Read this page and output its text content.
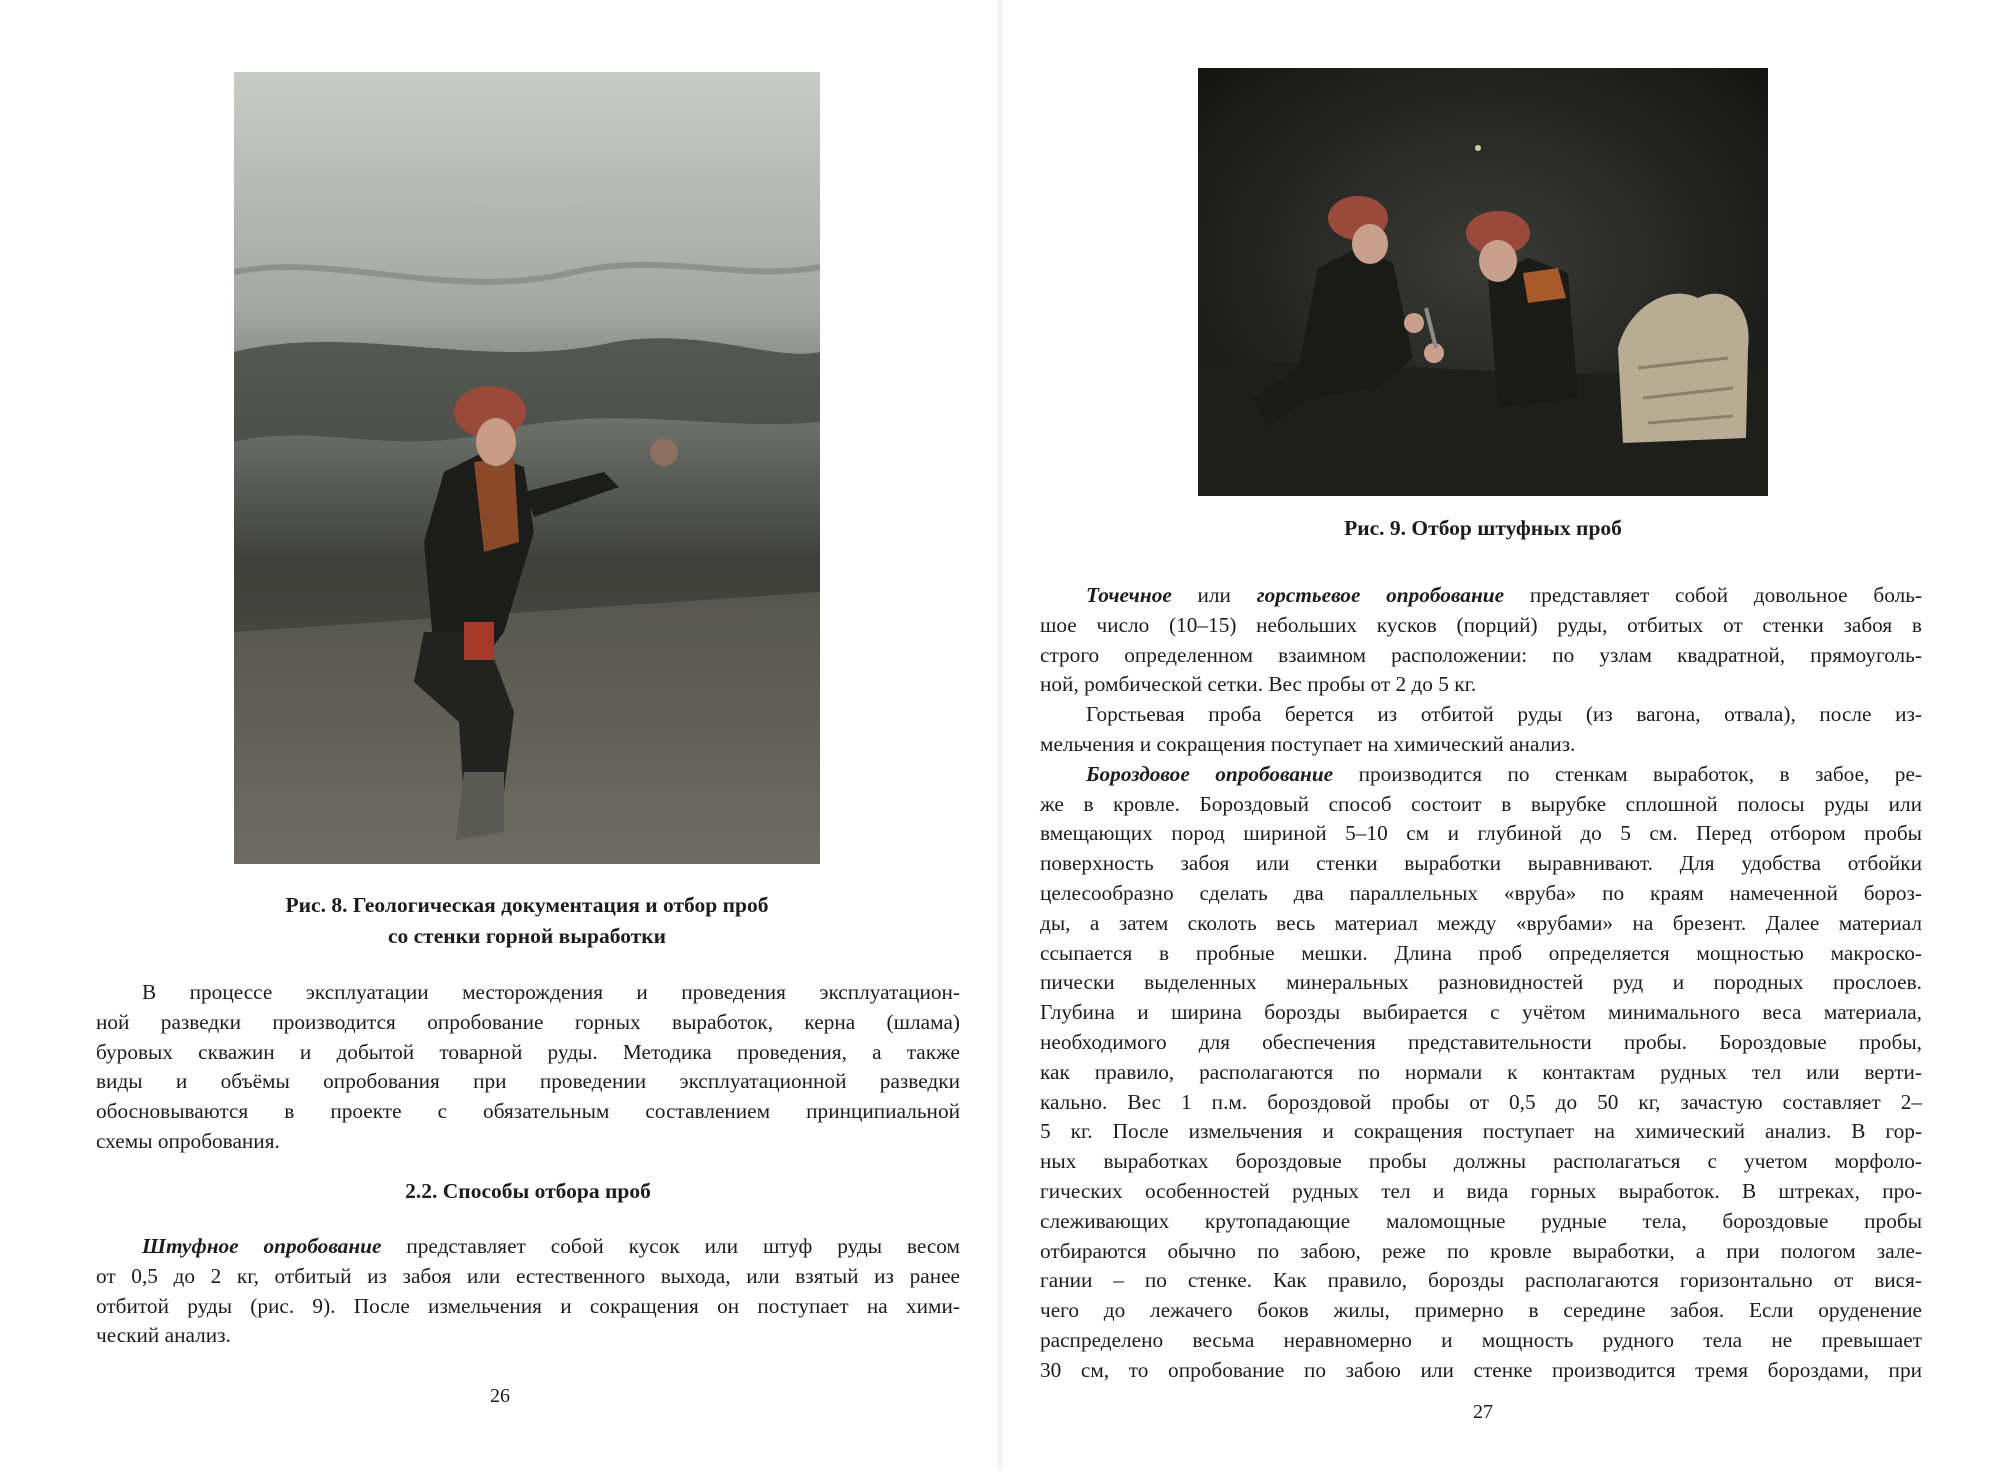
Рис. 8. Геологическая документация и отбор проб
со стенки горной выработки
В процессе эксплуатации месторождения и проведения эксплуатацион-
ной разведки производится опробование горных выработок, керна (шлама)
буровых скважин и добытой товарной руды. Методика проведения, а также
виды и объёмы опробования при проведении эксплуатационной разведки
обосновываются в проекте с обязательным составлением принципиальной
схемы опробования.
2.2. Способы отбора проб
Штуфное опробование представляет собой кусок или штуф руды весом
от 0,5 до 2 кг, отбитый из забоя или естественного выхода, или взятый из ранее
отбитой руды (рис. 9). После измельчения и сокращения он поступает на хими-
ческий анализ.
26
Рис. 9. Отбор штуфных проб
Точечное или горстьевое опробование представляет собой довольное боль-
шое число (10–15) небольших кусков (порций) руды, отбитых от стенки забоя в
строго определенном взаимном расположении: по узлам квадратной, прямоуголь-
ной, ромбической сетки. Вес пробы от 2 до 5 кг.
Горстьевая проба берется из отбитой руды (из вагона, отвала), после из-
мельчения и сокращения поступает на химический анализ.
Бороздовое опробование производится по стенкам выработок, в забое, ре-
же в кровле. Бороздовый способ состоит в вырубке сплошной полосы руды или
вмещающих пород шириной 5–10 см и глубиной до 5 см. Перед отбором пробы
поверхность забоя или стенки выработки выравнивают. Для удобства отбойки
целесообразно сделать два параллельных «вруба» по краям намеченной бороз-
ды, а затем сколоть весь материал между «врубами» на брезент. Далее материал
ссыпается в пробные мешки. Длина проб определяется мощностью макроско-
пически выделенных минеральных разновидностей руд и породных прослоев.
Глубина и ширина борозды выбирается с учётом минимального веса материала,
необходимого для обеспечения представительности пробы. Бороздовые пробы,
как правило, располагаются по нормали к контактам рудных тел или верти-
кально. Вес 1 п.м. бороздовой пробы от 0,5 до 50 кг, зачастую составляет 2–
5 кг. После измельчения и сокращения поступает на химический анализ. В гор-
ных выработках бороздовые пробы должны располагаться с учетом морфоло-
гических особенностей рудных тел и вида горных выработок. В штреках, про-
слеживающих крутопадающие маломощные рудные тела, бороздовые пробы
отбираются обычно по забою, реже по кровле выработки, а при пологом зале-
гании – по стенке. Как правило, борозды располагаются горизонтально от вися-
чего до лежачего боков жилы, примерно в середине забоя. Если оруденение
распределено весьма неравномерно и мощность рудного тела не превышает
30 см, то опробование по забою или стенке производится тремя бороздами, при
27
